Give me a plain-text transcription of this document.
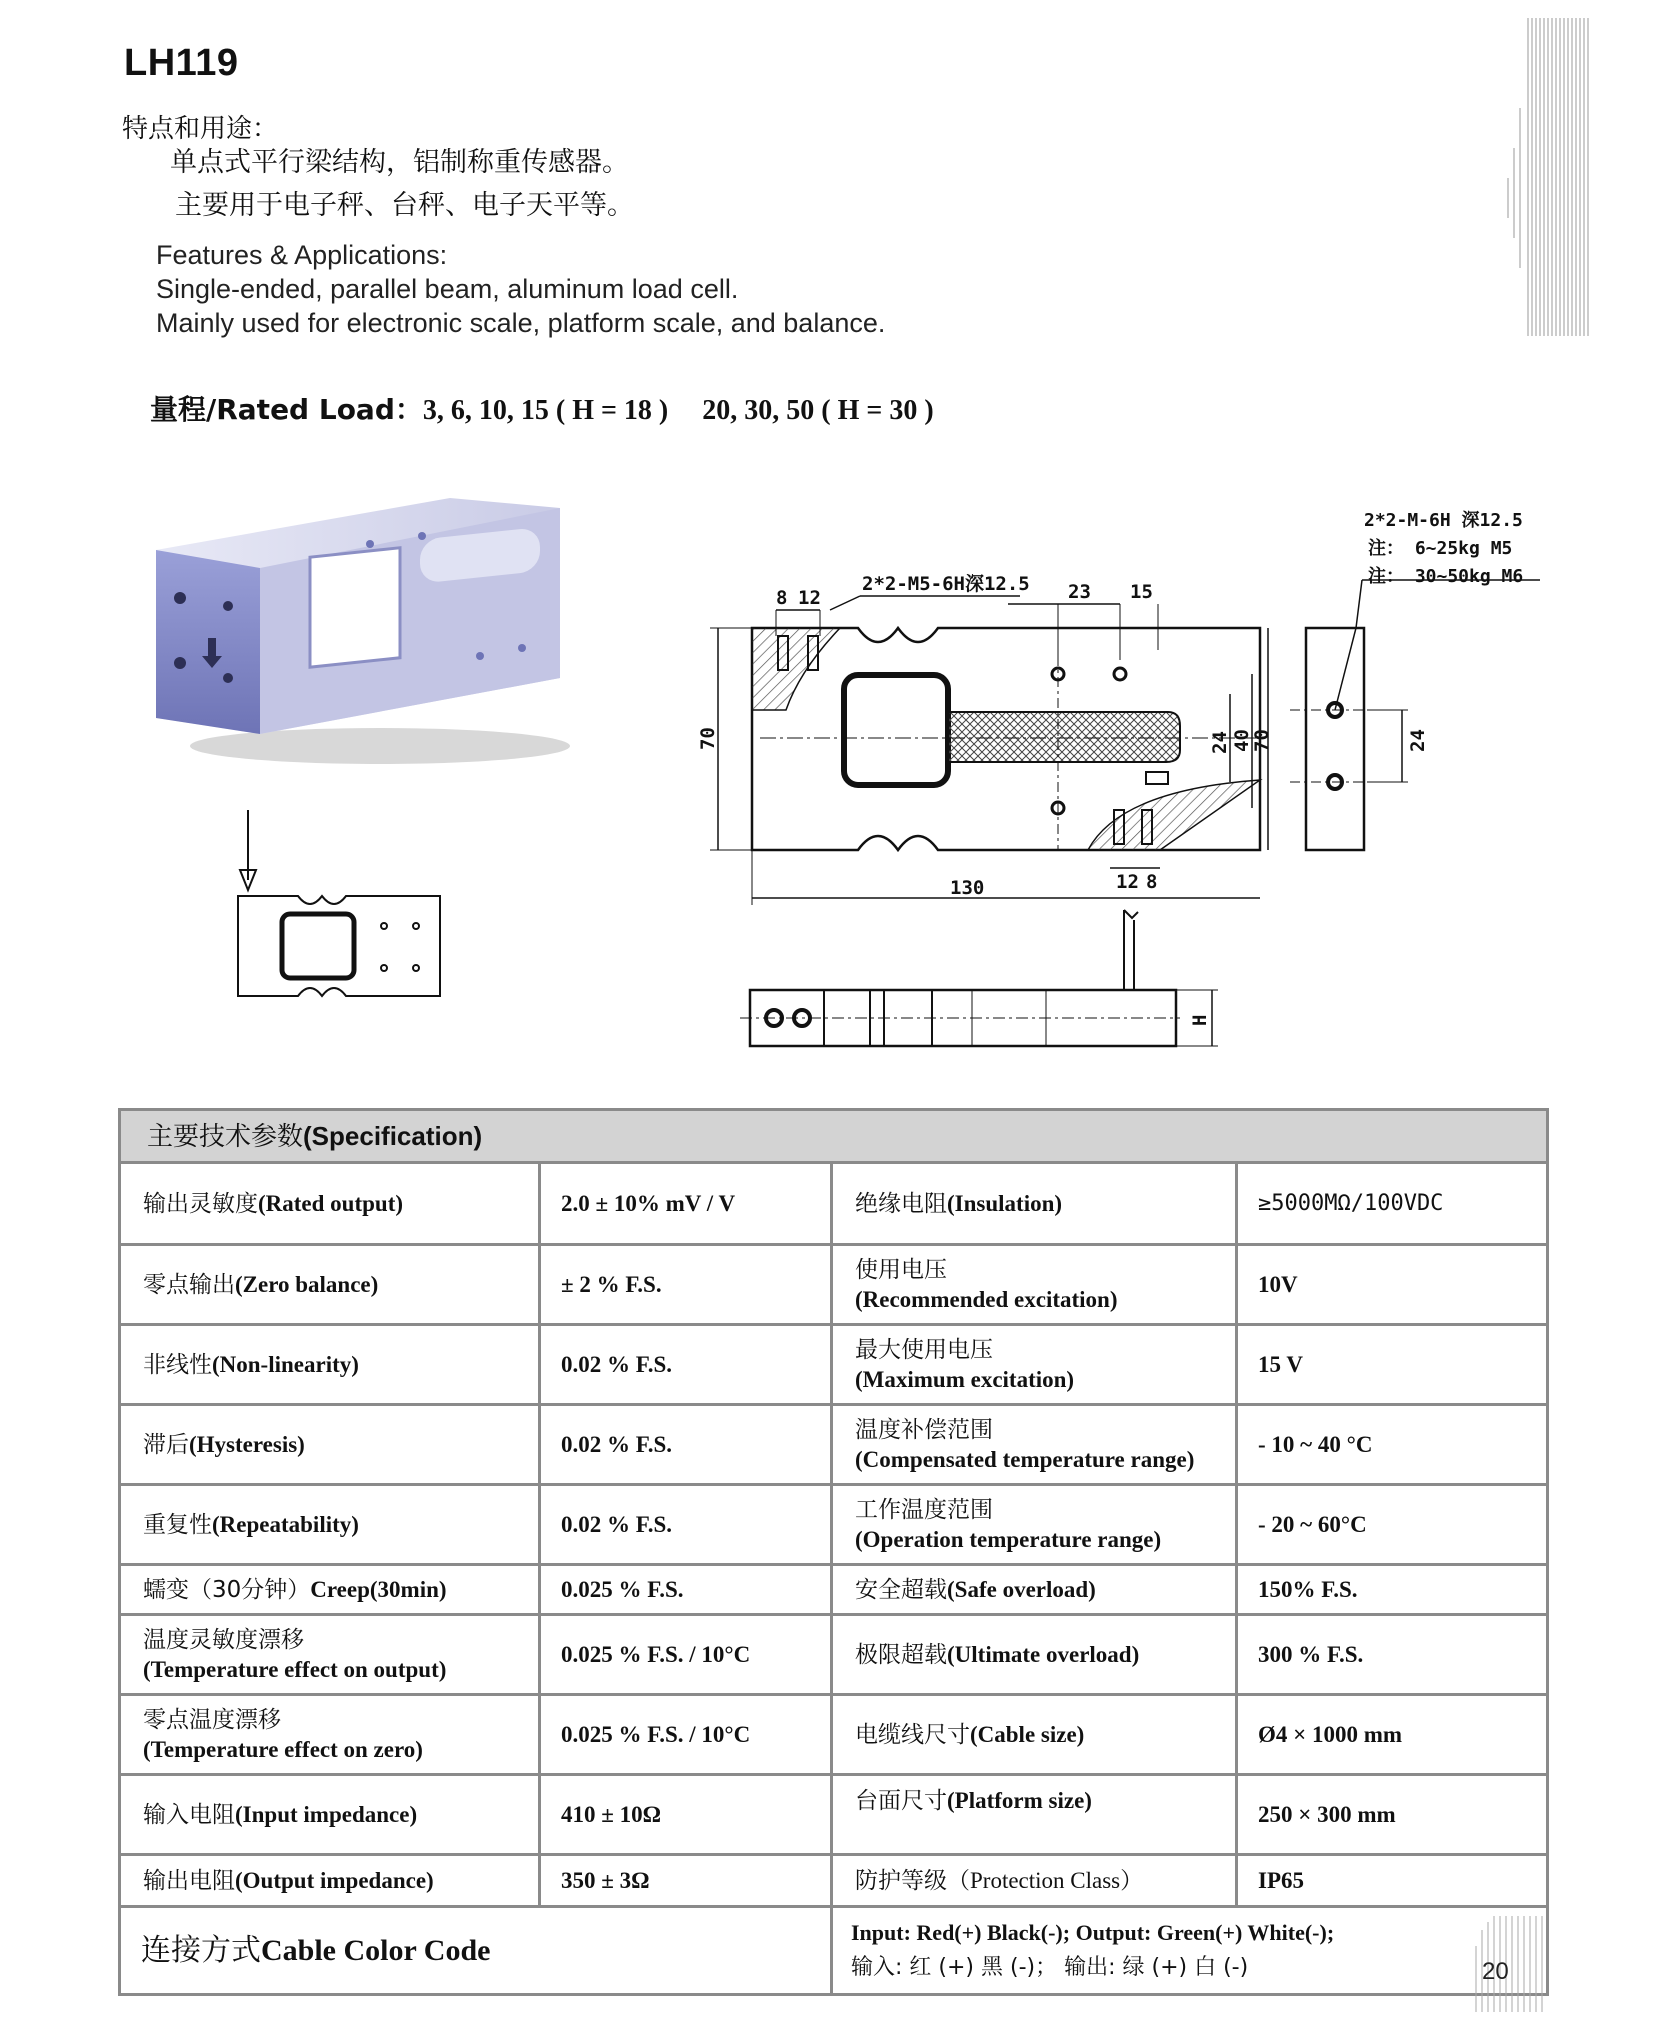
LH119
特点和用途：
单点式平行梁结构，铝制称重传感器。
主要用于电子秤、台秤、电子天平等。
Features & Applications:
Single-ended, parallel beam, aluminum load cell.
Mainly used for electronic scale, platform scale, and balance.
量程/Rated Load：3, 6, 10, 15 ( H = 18 ) 20, 30, 50 ( H = 30 )
8 12
2*2-M5-6H深12.5 23 15
70	24 40
70
12 8
130
24
2*2-M-6H 深12.5
注： 6~25kg M5
注： 30~50kg M6
H
主要技术参数(Specification)			
输出灵敏度(Rated output)	2.0 ± 10% mV / V	绝缘电阻(Insulation)	≥5000MΩ/100VDC
零点输出(Zero balance)	± 2 % F.S.	使用电压
(Recommended excitation)	10V
非线性(Non-linearity)	0.02 % F.S.	最大使用电压
(Maximum excitation)	15 V
滞后(Hysteresis)	0.02 % F.S.	温度补偿范围
(Compensated temperature range)	- 10 ~ 40 °C
重复性(Repeatability)	0.02 % F.S.	工作温度范围
(Operation temperature range)	- 20 ~ 60°C
蠕变（30分钟）Creep(30min)	0.025 % F.S.	安全超载(Safe overload)	150% F.S.
温度灵敏度漂移
(Temperature effect on output)	0.025 % F.S. / 10°C	极限超载(Ultimate overload)	300 % F.S.
零点温度漂移
(Temperature effect on zero)	0.025 % F.S. / 10°C	电缆线尺寸(Cable size)	Ø4 × 1000 mm
输入电阻(Input impedance)	410 ± 10Ω	台面尺寸(Platform size)	250 × 300 mm
输出电阻(Output impedance)	350 ± 3Ω	防护等级（Protection Class）	IP65
连接方式Cable Color Code		Input: Red(+) Black(-); Output: Green(+) White(-);
输入: 红 (+) 黑 (-)； 输出: 绿 (+) 白 (-)		20
